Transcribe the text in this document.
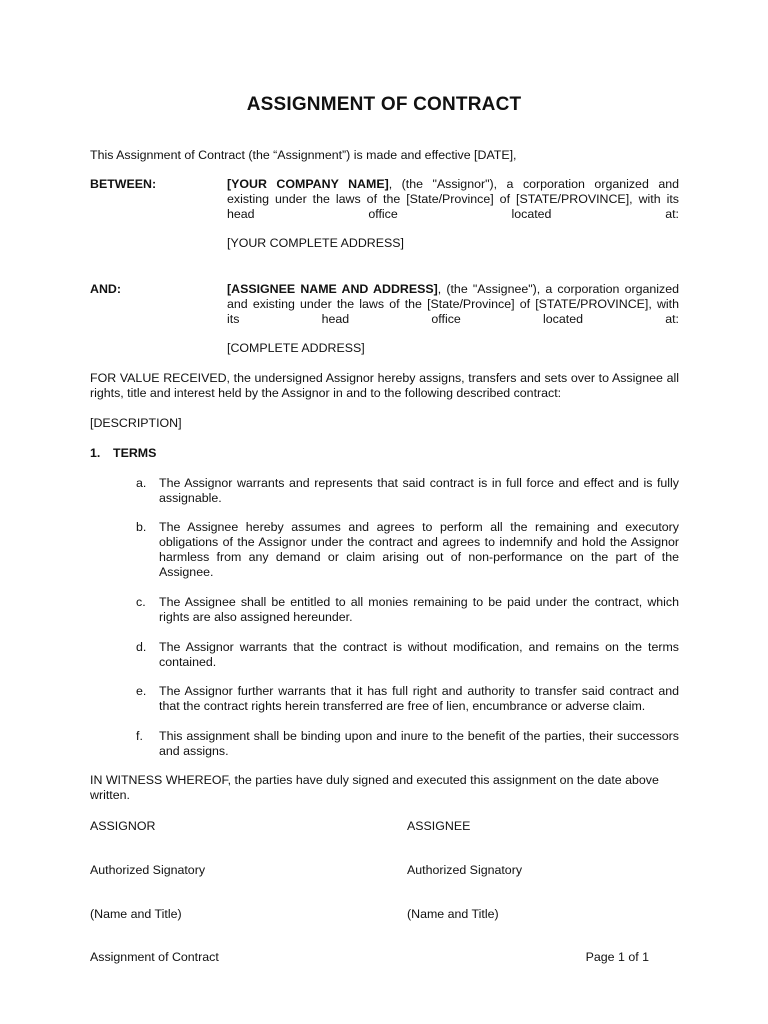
ASSIGNMENT OF CONTRACT
This Assignment of Contract (the “Assignment”) is made and effective [DATE],
BETWEEN:	[YOUR COMPANY NAME], (the "Assignor"), a corporation organized and
existing under the laws of the [State/Province] of [STATE/PROVINCE], with its
head office located at:
[YOUR COMPLETE ADDRESS]
AND:	[ASSIGNEE NAME AND ADDRESS], (the "Assignee"), a corporation organized
and existing under the laws of the [State/Province] of [STATE/PROVINCE], with
its head office located at:
[COMPLETE ADDRESS]
FOR VALUE RECEIVED, the undersigned Assignor hereby assigns, transfers and sets over to Assignee all rights, title and interest held by the Assignor in and to the following described contract:
[DESCRIPTION]
1. TERMS
a.	The Assignor warrants and represents that said contract is in full force and effect and is fully assignable.
b.	The Assignee hereby assumes and agrees to perform all the remaining and executory obligations of the Assignor under the contract and agrees to indemnify and hold the Assignor harmless from any demand or claim arising out of non-performance on the part of the Assignee.
c.	The Assignee shall be entitled to all monies remaining to be paid under the contract, which rights are also assigned hereunder.
d.	The Assignor warrants that the contract is without modification, and remains on the terms contained.
e.	The Assignor further warrants that it has full right and authority to transfer said contract and that the contract rights herein transferred are free of lien, encumbrance or adverse claim.
f.	This assignment shall be binding upon and inure to the benefit of the parties, their successors and assigns.
IN WITNESS WHEREOF, the parties have duly signed and executed this assignment on the date above written.
ASSIGNOR	ASSIGNEE
Authorized Signatory	Authorized Signatory
(Name and Title)	(Name and Title)
Assignment of Contract	Page 1 of 1
